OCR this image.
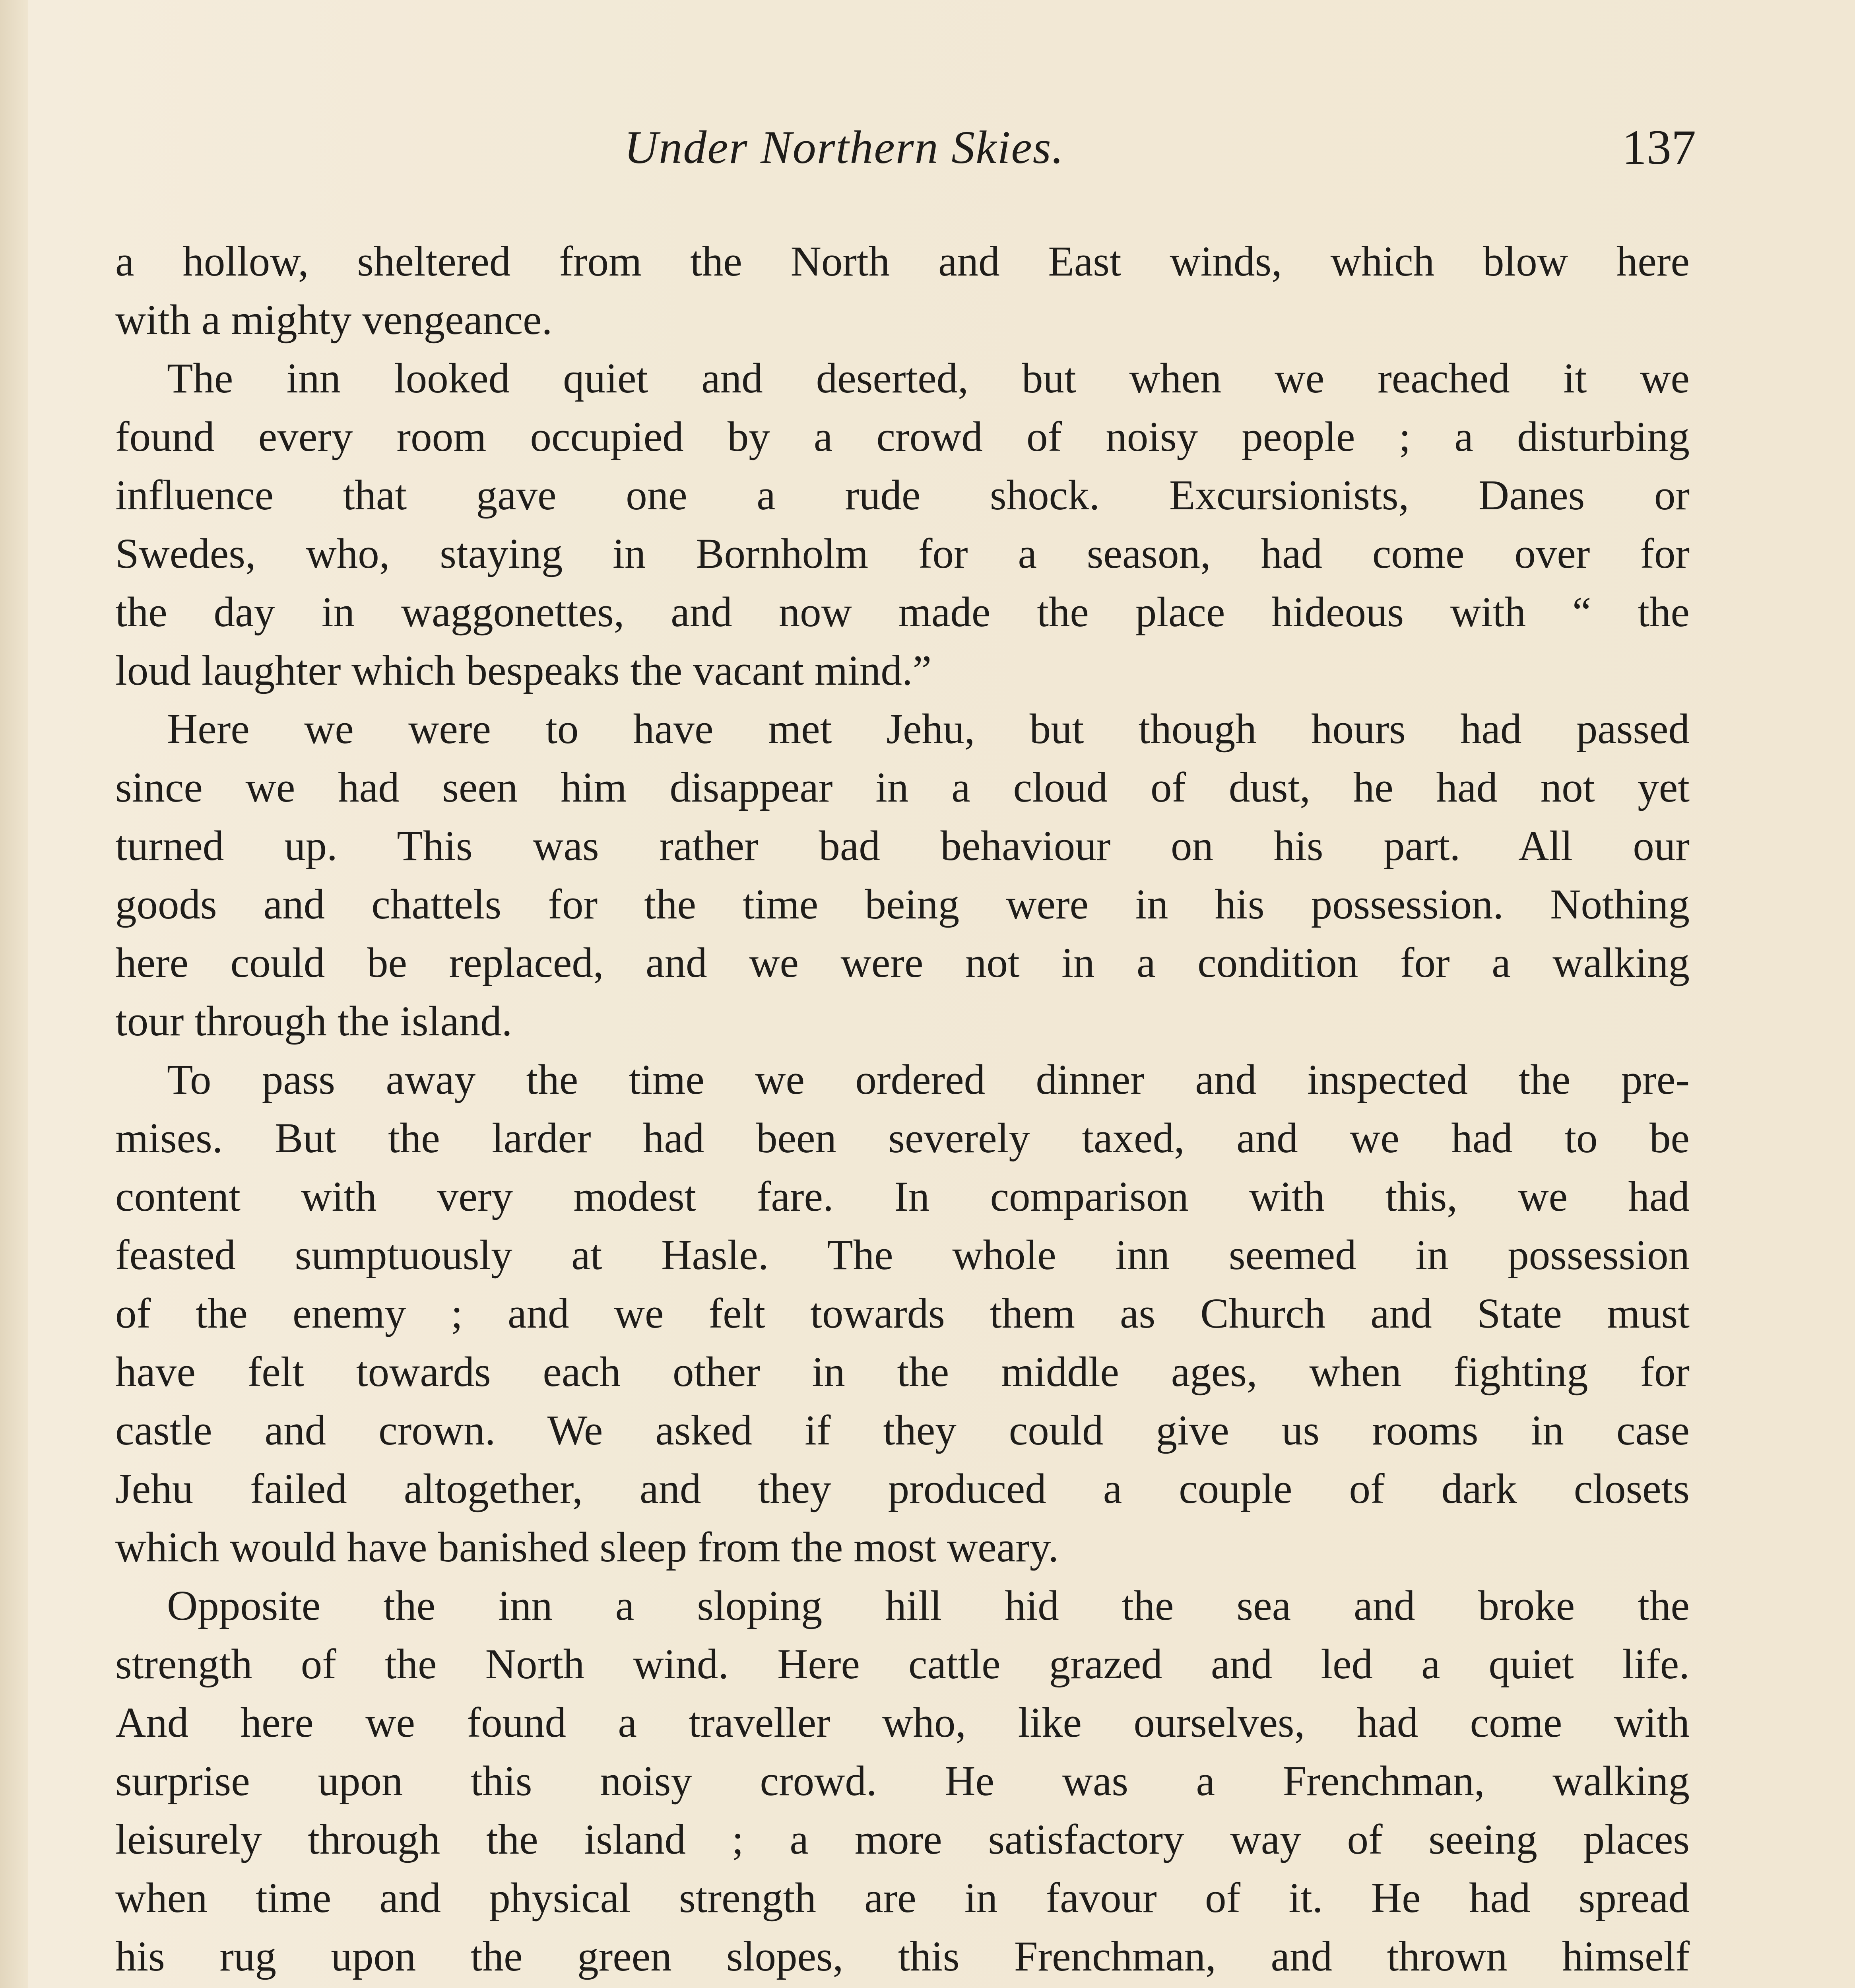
Under Northern Skies.	137
a hollow, sheltered from the North and East winds, which blow here
with a mighty vengeance.
The inn looked quiet and deserted, but when we reached it we
found every room occupied by a crowd of noisy people ; a disturbing
influence that gave one a rude shock. Excursionists, Danes or
Swedes, who, staying in Bornholm for a season, had come over for
the day in waggonettes, and now made the place hideous with “ the
loud laughter which bespeaks the vacant mind.”
Here we were to have met Jehu, but though hours had passed
since we had seen him disappear in a cloud of dust, he had not yet
turned up. This was rather bad behaviour on his part. All our
goods and chattels for the time being were in his possession. Nothing
here could be replaced, and we were not in a condition for a walking
tour through the island.
To pass away the time we ordered dinner and inspected the pre-
mises. But the larder had been severely taxed, and we had to be
content with very modest fare. In comparison with this, we had
feasted sumptuously at Hasle. The whole inn seemed in possession
of the enemy ; and we felt towards them as Church and State must
have felt towards each other in the middle ages, when fighting for
castle and crown. We asked if they could give us rooms in case
Jehu failed altogether, and they produced a couple of dark closets
which would have banished sleep from the most weary.
Opposite the inn a sloping hill hid the sea and broke the
strength of the North wind. Here cattle grazed and led a quiet life.
And here we found a traveller who, like ourselves, had come with
surprise upon this noisy crowd. He was a Frenchman, walking
leisurely through the island ; a more satisfactory way of seeing places
when time and physical strength are in favour of it. He had spread
his rug upon the green slopes, this Frenchman, and thrown himself
